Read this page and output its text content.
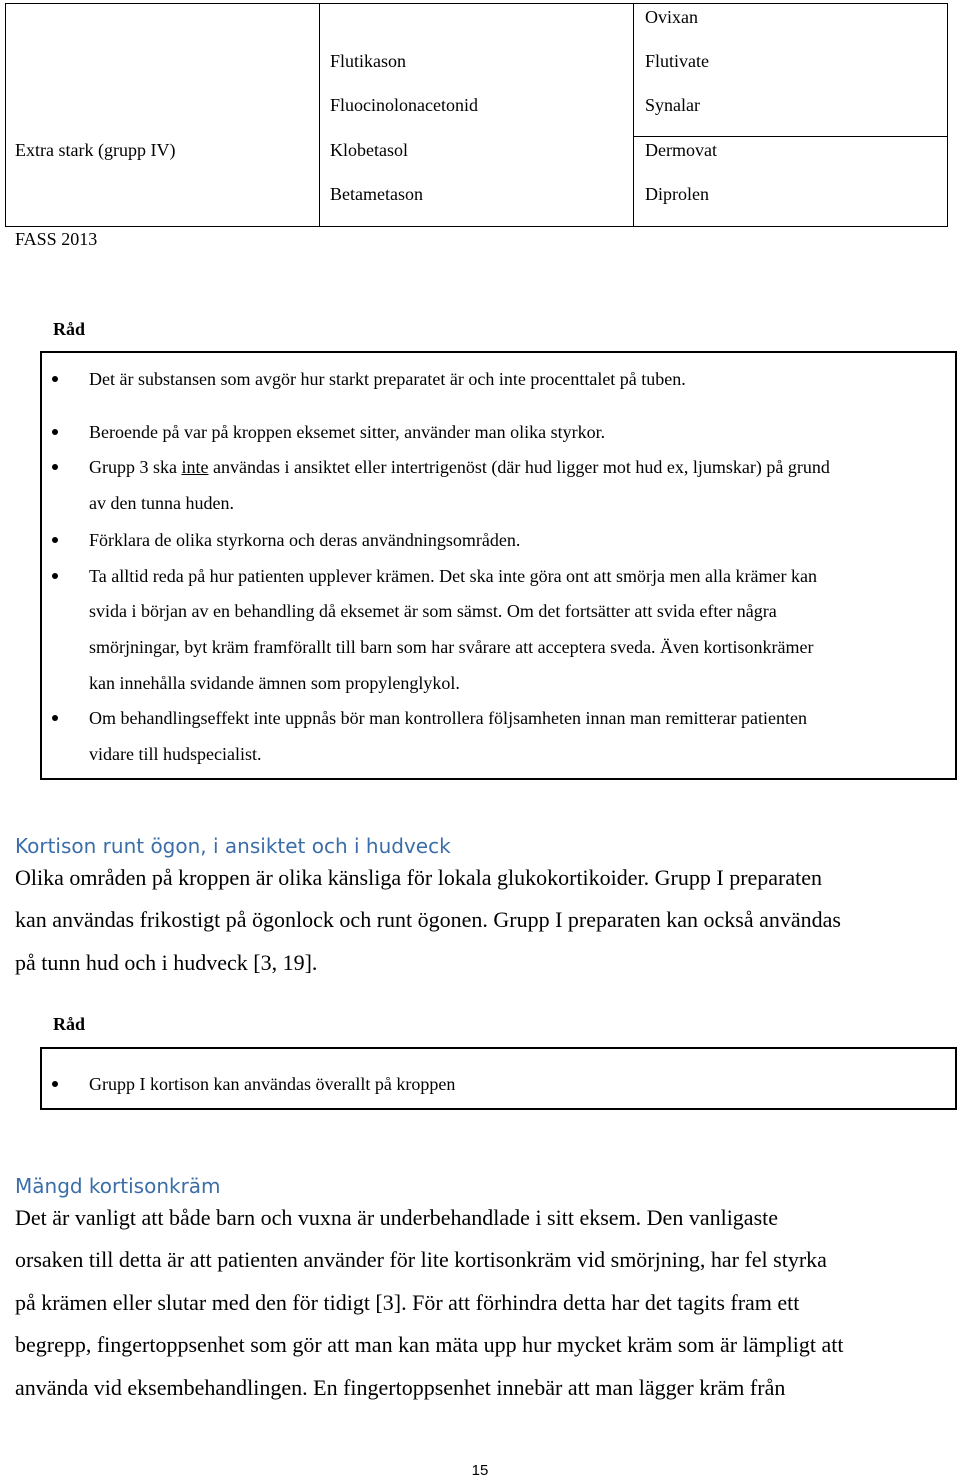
Extra stark (grupp IV)
Flutikason
Fluocinolonacetonid
Klobetasol
Betametason
Ovixan
Flutivate
Synalar
Dermovat
Diprolen
FASS 2013
Råd
Det är substansen som avgör hur starkt preparatet är och inte procenttalet på tuben.
Beroende på var på kroppen eksemet sitter, använder man olika styrkor.
Grupp 3 ska inte användas i ansiktet eller intertrigenöst (där hud ligger mot hud ex, ljumskar) på grund
av den tunna huden.
Förklara de olika styrkorna och deras användningsområden.
Ta alltid reda på hur patienten upplever krämen. Det ska inte göra ont att smörja men alla krämer kan
svida i början av en behandling då eksemet är som sämst. Om det fortsätter att svida efter några
smörjningar, byt kräm framförallt till barn som har svårare att acceptera sveda. Även kortisonkrämer
kan innehålla svidande ämnen som propylenglykol.
Om behandlingseffekt inte uppnås bör man kontrollera följsamheten innan man remitterar patienten
vidare till hudspecialist.
Kortison runt ögon, i ansiktet och i hudveck
Olika områden på kroppen är olika känsliga för lokala glukokortikoider. Grupp I preparaten
kan användas frikostigt på ögonlock och runt ögonen. Grupp I preparaten kan också användas
på tunn hud och i hudveck [3, 19].
Råd
Grupp I kortison kan användas överallt på kroppen
Mängd kortisonkräm
Det är vanligt att både barn och vuxna är underbehandlade i sitt eksem. Den vanligaste
orsaken till detta är att patienten använder för lite kortisonkräm vid smörjning, har fel styrka
på krämen eller slutar med den för tidigt [3]. För att förhindra detta har det tagits fram ett
begrepp, fingertoppsenhet som gör att man kan mäta upp hur mycket kräm som är lämpligt att
använda vid eksembehandlingen. En fingertoppsenhet innebär att man lägger kräm från
15
